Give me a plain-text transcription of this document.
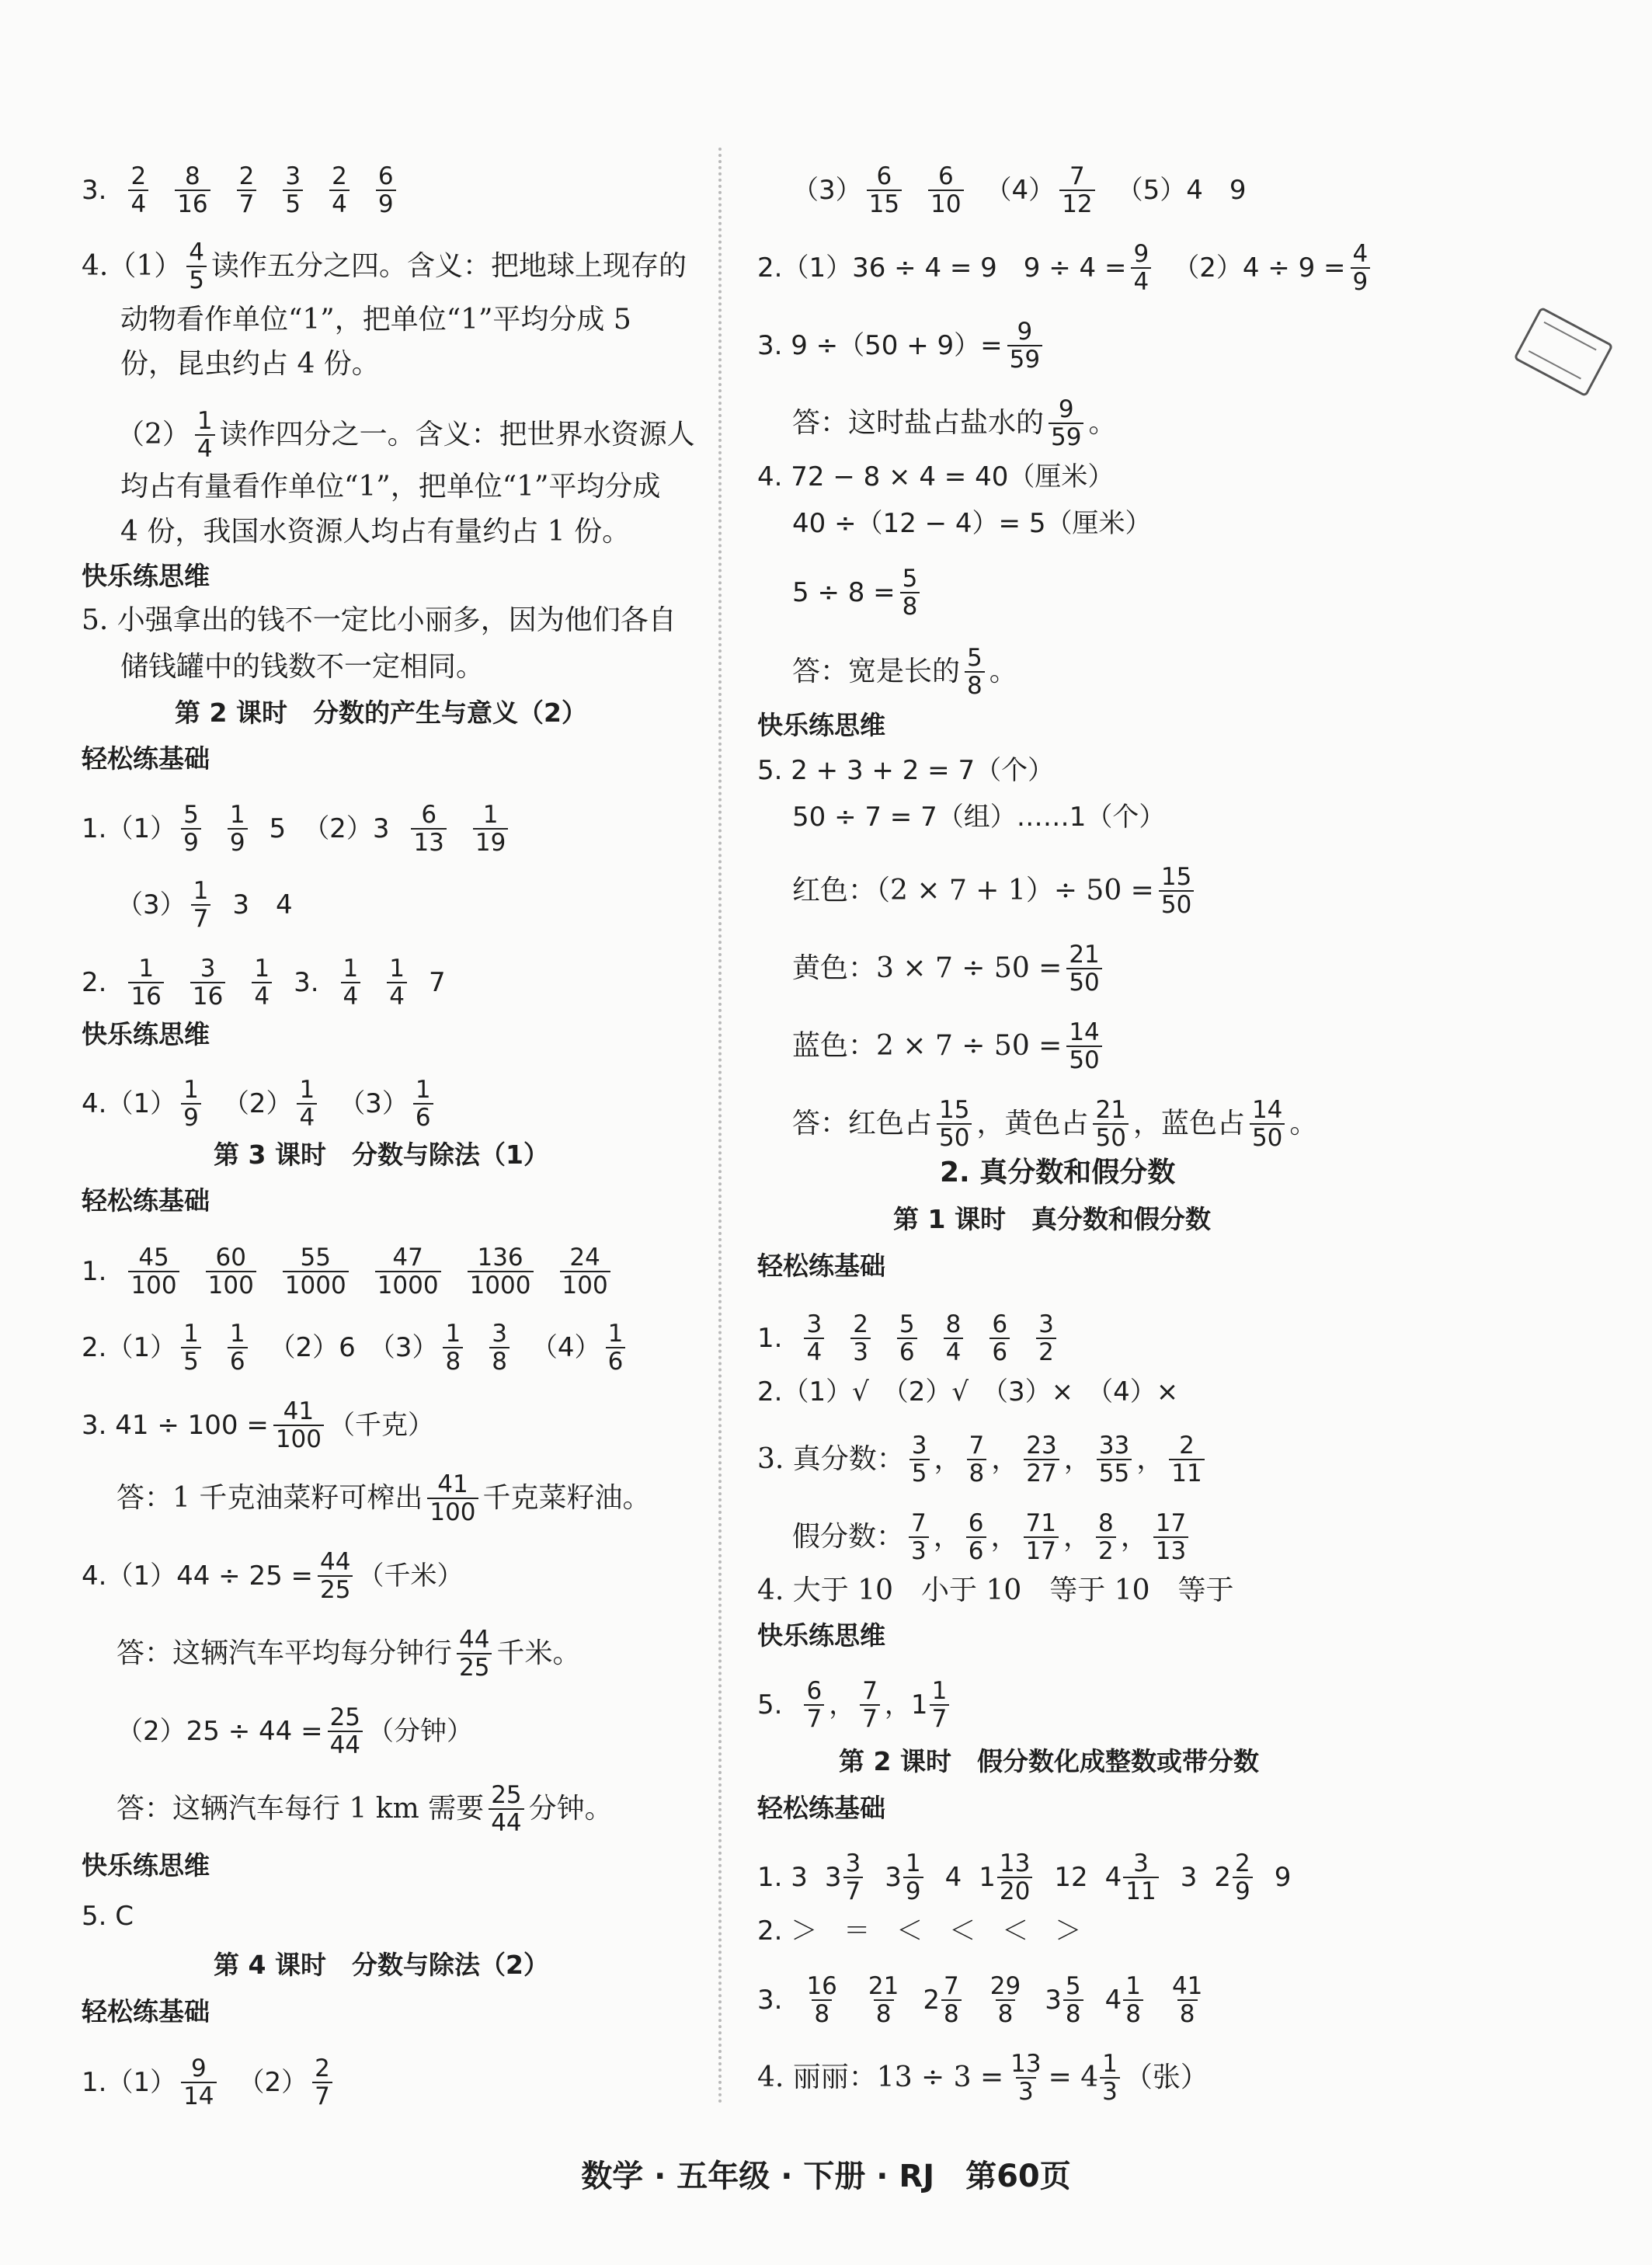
3. 2
4
8
16
2
7
3
5
2
4
6
9
4.（1） 4
5 读作五分之四。含义：把地球上现存的
动物看作单位“1”，把单位“1”平均分成 5
份，昆虫约占 4 份。
（2） 1
4 读作四分之一。含义：把世界水资源人
均占有量看作单位“1”，把单位“1”平均分成
4 份，我国水资源人均占有量约占 1 份。
快乐练思维
5. 小强拿出的钱不一定比小丽多，因为他们各自
储钱罐中的钱数不一定相同。
第 2 课时　分数的产生与意义（2）
轻松练基础
1.（1） 5
9
1
9 5 （2）3 6
13
1
19
（3） 1
7 3　4
2. 1
16
3
16
1
4 3. 1
4
1
4 7
快乐练思维
4.（1） 1
9 （2） 1
4 （3） 1
6
第 3 课时　分数与除法（1）
轻松练基础
1. 45
100
60
100
55
1000
47
1000
136
1000
24
100
2.（1） 1
5
1
6 （2）6　（3） 1
8
3
8 （4） 1
6
3. $41 \div 100 = \frac{41}{100}$ （千克）
答：1 千克油菜籽可榨出 41
100 千克菜籽油。
$4.(1)44 \div 25 = \frac{44}{25}$ （千米）
答：这辆汽车平均每分钟行 44
25 千米。
$(2)25 \div 44 = \frac{25}{44}$ （分钟）
答：这辆汽车每行 1 km 需要 25
44 分钟。
快乐练思维
5. C
第 4 课时　分数与除法（2）
轻松练基础
1.（1） 9
14 （2） 2
7
（3） 6
15
6
10 （4） 7
12 （5）4　9
2.（1）36 ÷ 4 = 9　$9 \div 4 = \frac{9}{4} (2)4 \div 9 = \frac{4}{9}$
3. $9 \div(50 + 9)= \frac{9}{59}$
答：这时盐占盐水的 9
59 。
4. 72 − 8 × 4 = 40（厘米）
40 ÷（12 − 4）= 5（厘米）
$5 \div 8 = \frac{5}{8}$
答：宽是长的 5
8 。
快乐练思维
5. 2 + 3 + 2 = 7（个）
50 ÷ 7 = 7（组）……1（个）
红色：$(2 \times 7 + 1)\div 50 = \frac{15}{50}$
黄色：$3 \times 7 \div 50 = \frac{21}{50}$
蓝色：$2 \times 7 \div 50 = \frac{14}{50}$
答：红色占 15
50 ，黄色占 21
50 ，蓝色占 14
50 。
2. 真分数和假分数
第 1 课时　真分数和假分数
轻松练基础
1. 3
4
2
3
5
6
8
4
6
6
3
2
2.（1）√　（2）√　（3）×　（4）×
3. 真分数： 3
5 ， 7
8 ， 23
27 ， 33
55 ， 2
11
假分数： 7
3 ， 6
6 ， 71
17 ， 8
2 ， 17
13
4. 大于 10　小于 10　等于 10　等于
快乐练思维
5. 6
7 ， 7
7 ， 1 1
7
第 2 课时　假分数化成整数或带分数
轻松练基础
1. 3 3 3
7 3 1
9 4 1 13
20 12 4 3
11 3 2 2
9 9
2. ＞　＝　＜　＜　＜　＞
3. 16
8
21
8 2 7
8
29
8 3 5
8 4 1
8
41
8
4. 丽丽：$13 \div 3 = \frac{13}{3} = 4$ 1
3 （张）
数学 · 五年级 · 下册 · RJ　第60页
